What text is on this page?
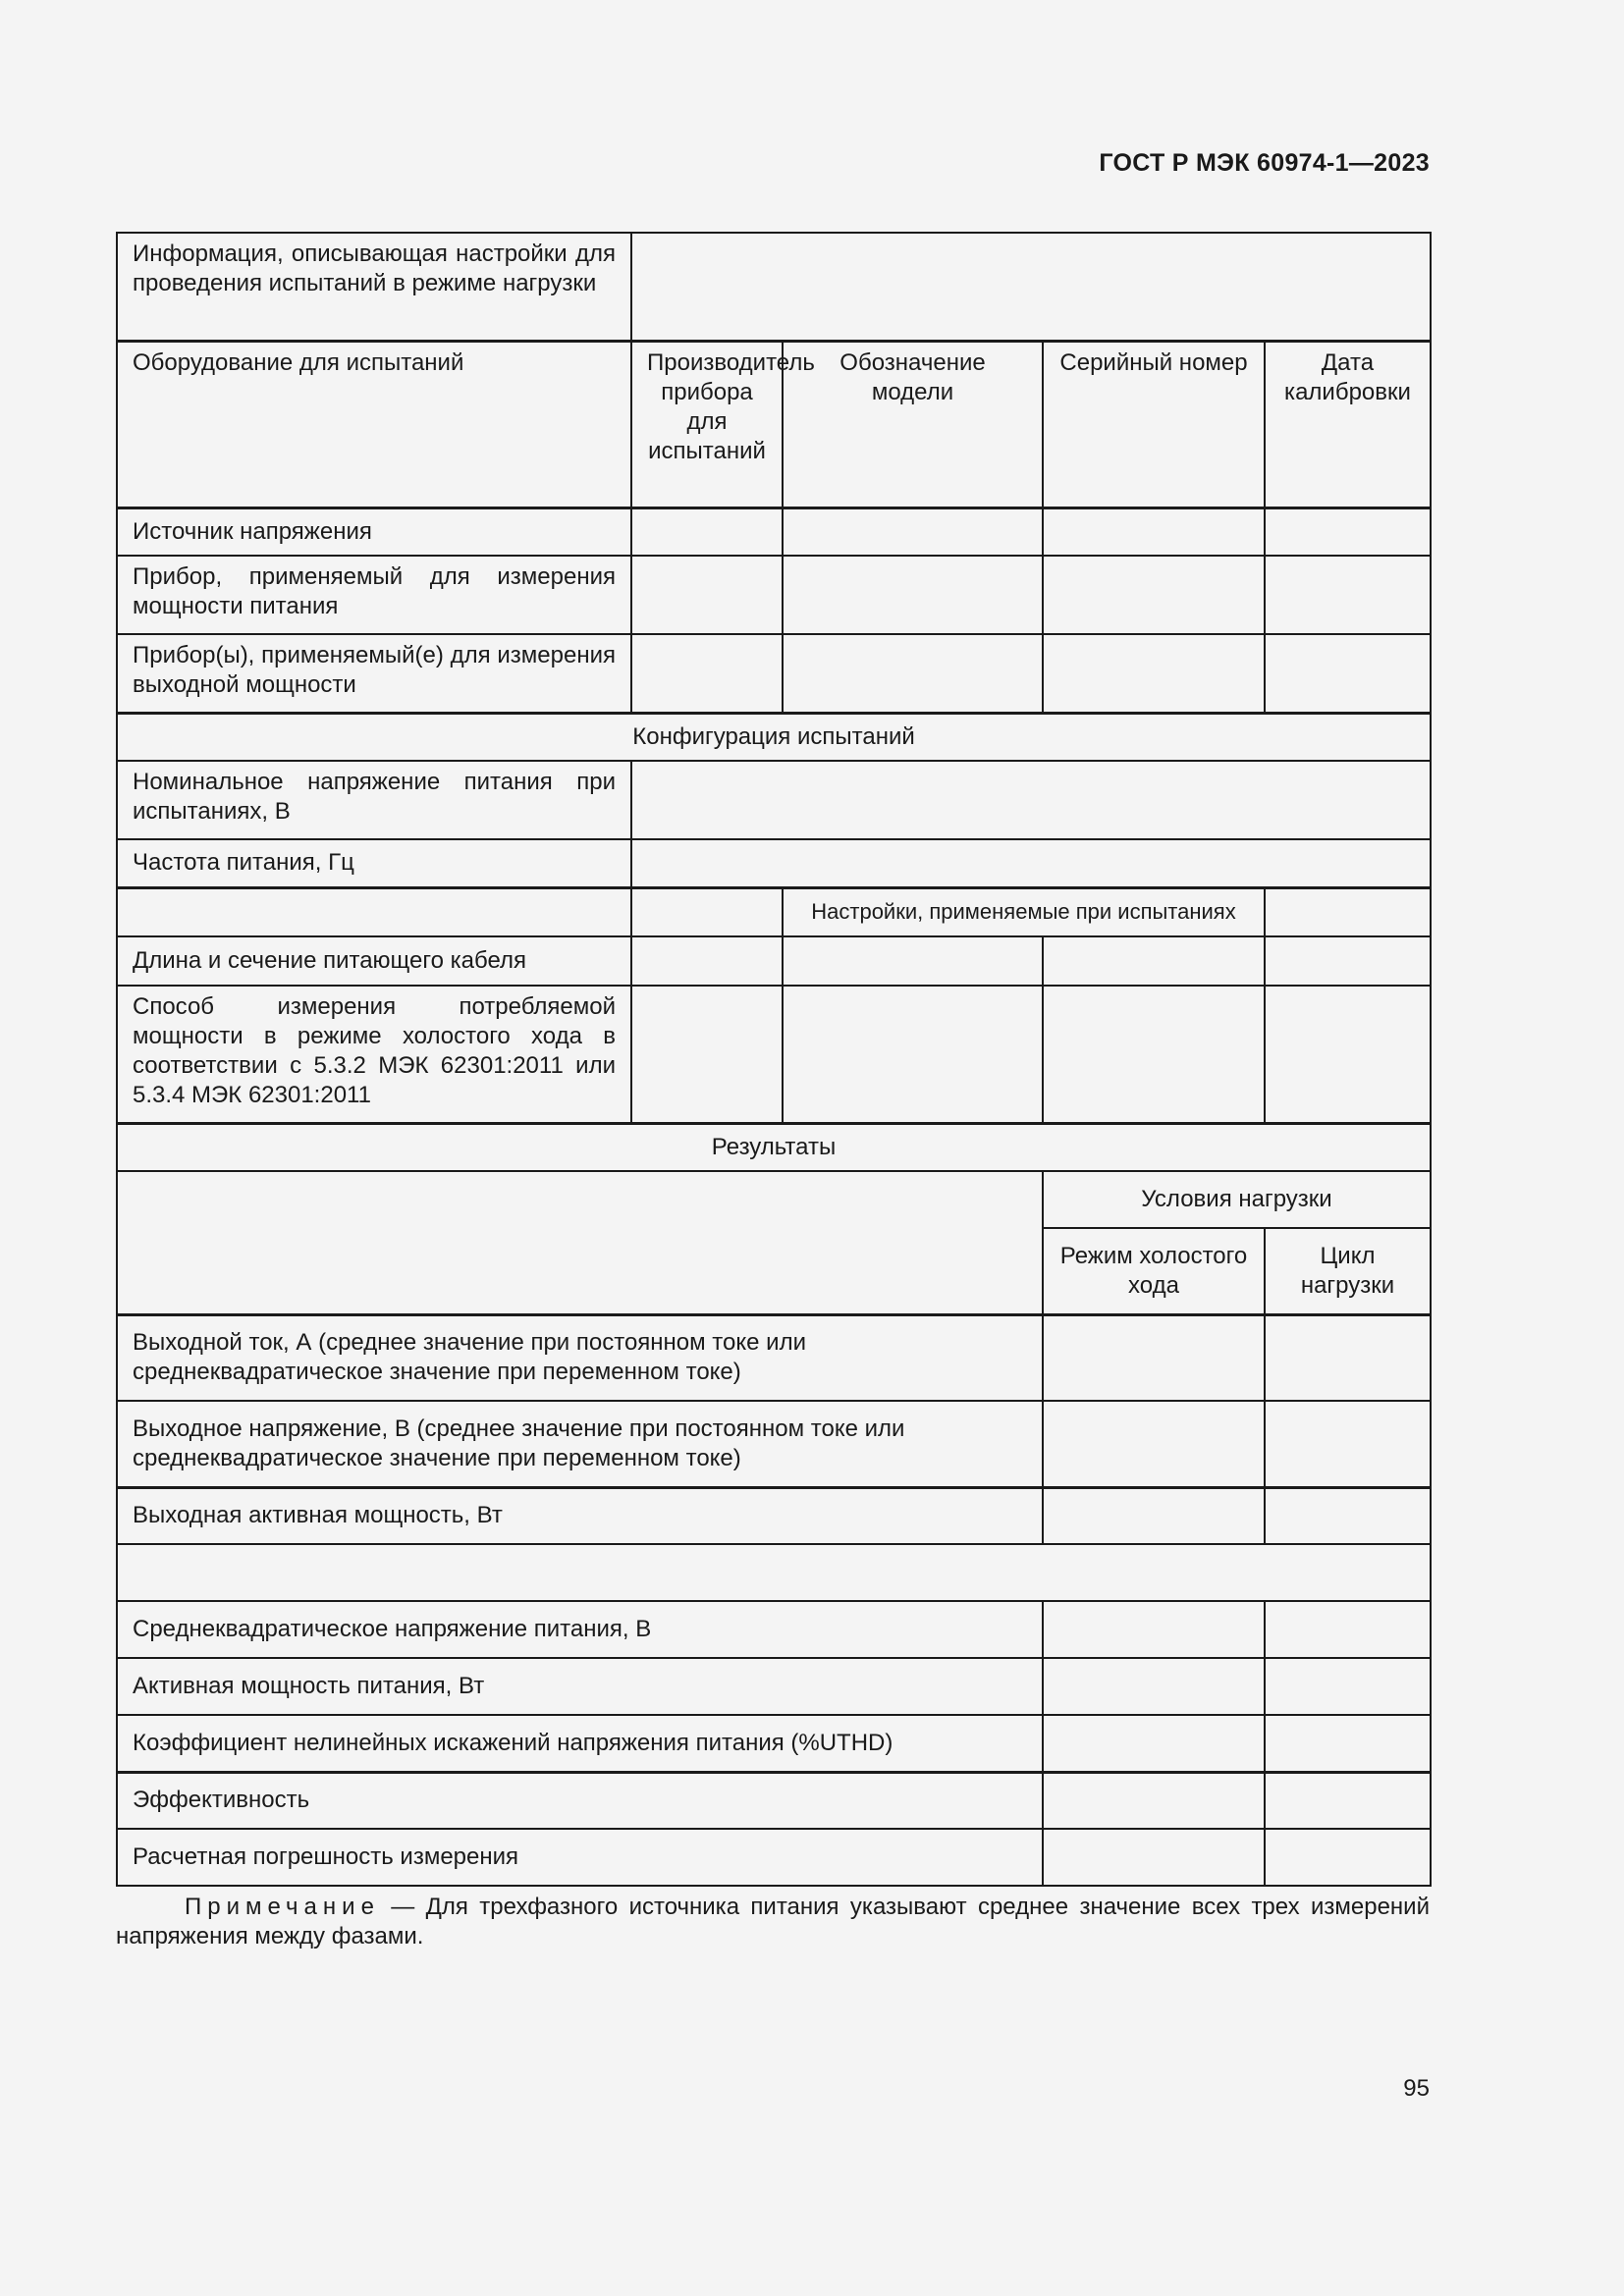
ГОСТ Р МЭК 60974-1—2023
Информация, описывающая настройки для проведения испытаний в режиме нагрузки				
Оборудование для испытаний	Производитель прибора для испытаний	Обозначение модели	Серийный номер	Дата калибровки
Источник напряжения				
Прибор, применяемый для измерения мощности питания				
Прибор(ы), применяемый(е) для измерения выходной мощности				
Конфигурация испытаний				
Номинальное напряжение питания при испытаниях, В				
Частота питания, Гц				
		Настройки, применяемые при испытаниях		
Длина и сечение питающего кабеля				
Способ измерения потребляемой мощности в режиме холостого хода в соответствии с 5.3.2 МЭК 62301:2011 или 5.3.4 МЭК 62301:2011				
Результаты				
			Условия нагрузки	
			Режим холостого хода	Цикл нагрузки
Выходной ток, А (среднее значение при постоянном токе или среднеквадратическое значение при переменном токе)				
Выходное напряжение, В (среднее значение при постоянном токе или среднеквадратическое значение при переменном токе)				
Выходная активная мощность, Вт				

Среднеквадратическое напряжение питания, В				
Активная мощность питания, Вт				
Коэффициент нелинейных искажений напряжения питания (%UTHD)				
Эффективность				
Расчетная погрешность измерения				
Примечание — Для трехфазного источника питания указывают среднее значение всех трех измерений напряжения между фазами.
95
